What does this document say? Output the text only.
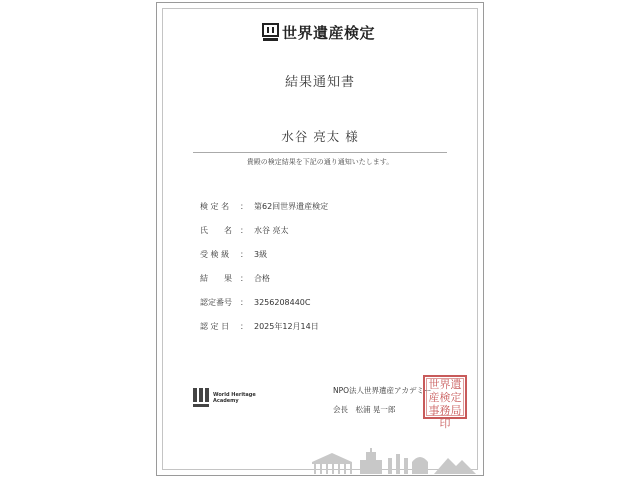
世界遺産検定
結果通知書
水谷 亮太 様
貴殿の検定結果を下記の通り通知いたします。
検 定 名 ： 第62回世界遺産検定
氏　　名 ： 水谷 亮太
受 検 級 ： 3級
結　　果 ： 合格
認定番号 ： 3256208440C
認 定 日 ： 2025年12月14日
World Heritage
Academy
NPO法人世界遺産アカデミー
会長　松浦 晃一郎
世界遺産検定事務局印
